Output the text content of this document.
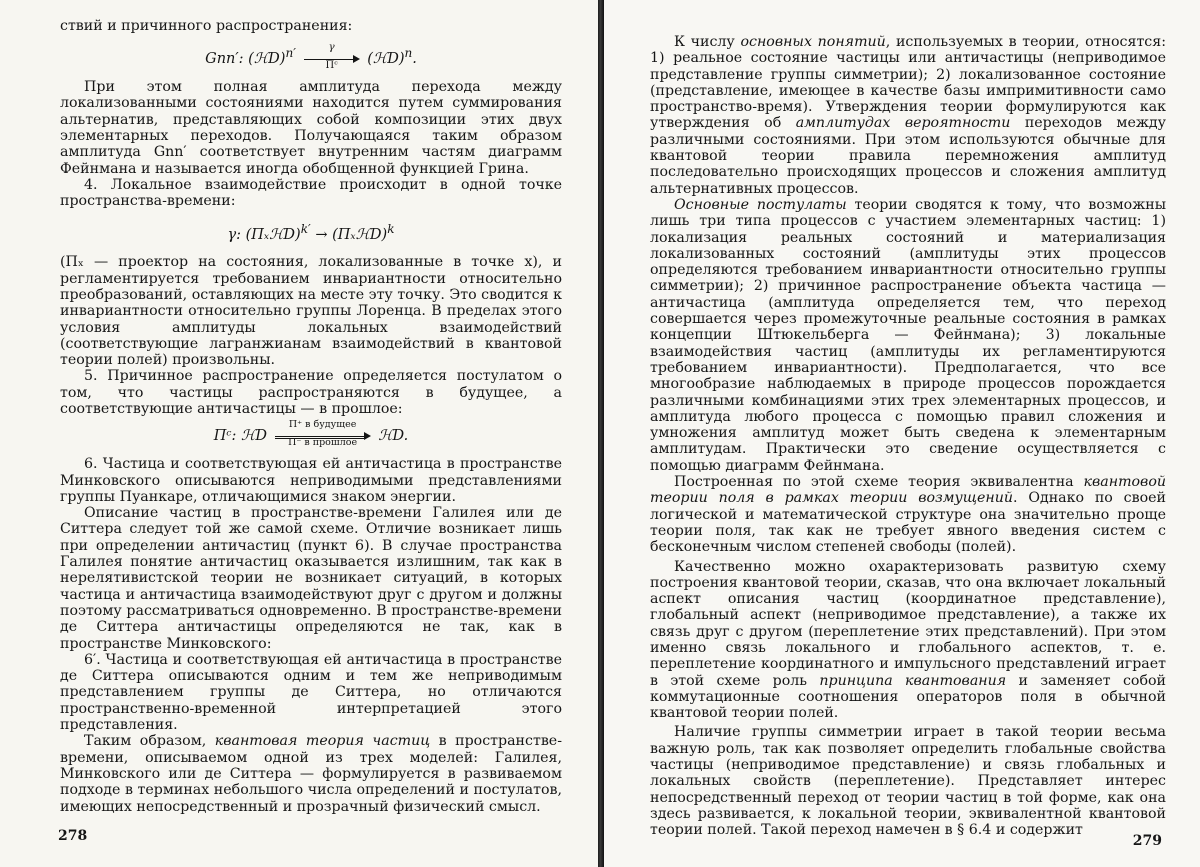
ствий и причинного распространения:

Gnn′: (ℋD)n′	γ
Πᶜ	(ℋD)n.

При этом полная амплитуда перехода между локализованными состояниями находится путем суммирования альтернатив, представляющих собой композиции этих двух элементарных переходов. Получающаяся таким образом амплитуда Gnn′ соответствует внутренним частям диаграмм Фейнмана и называется иногда обобщенной функцией Грина.

4. Локальное взаимодействие происходит в одной точке пространства-времени:

γ: (ΠₓℋD)k′ → (ΠₓℋD)k

(Πₓ — проектор на состояния, локализованные в точке x), и регламентируется требованием инвариантности относительно преобразований, оставляющих на месте эту точку. Это сводится к инвариантности относительно группы Лоренца. В пределах этого условия амплитуды локальных взаимодействий (соответствующие лагранжианам взаимодействий в квантовой теории полей) произвольны.

5. Причинное распространение определяется постулатом о том, что частицы распространяются в будущее, а соответствующие античастицы — в прошлое:

Πᶜ: ℋD
Π⁺ в будущее
Π⁻ в прошлое	ℋD.

6. Частица и соответствующая ей античастица в пространстве Минковского описываются неприводимыми представлениями группы Пуанкаре, отличающимися знаком энергии.

Описание частиц в пространстве-времени Галилея или де Ситтера следует той же самой схеме. Отличие возникает лишь при определении античастиц (пункт 6). В случае пространства Галилея понятие античастиц оказывается излишним, так как в нерелятивистской теории не возникает ситуаций, в которых частица и античастица взаимодействуют друг с другом и должны поэтому рассматриваться одновременно. В пространстве-времени де Ситтера античастицы определяются не так, как в пространстве Минковского:

6′. Частица и соответствующая ей античастица в пространстве де Ситтера описываются одним и тем же неприводимым представлением группы де Ситтера, но отличаются пространственно-временной интерпретацией этого представления.

Таким образом, квантовая теория частиц в пространстве-времени, описываемом одной из трех моделей: Галилея, Минковского или де Ситтера — формулируется в развиваемом подходе в терминах небольшого числа определений и постулатов, имеющих непосредственный и прозрачный физический смысл.

278

К числу основных понятий, используемых в теории, относятся: 1) реальное состояние частицы или античастицы (неприводимое представление группы симметрии); 2) локализованное состояние (представление, имеющее в качестве базы импримитивности само пространство-время). Утверждения теории формулируются как утверждения об амплитудах вероятности переходов между различными состояниями. При этом используются обычные для квантовой теории правила перемножения амплитуд последовательно происходящих процессов и сложения амплитуд альтернативных процессов.

Основные постулаты теории сводятся к тому, что возможны лишь три типа процессов с участием элементарных частиц: 1) локализация реальных состояний и материализация локализованных состояний (амплитуды этих процессов определяются требованием инвариантности относительно группы симметрии); 2) причинное распространение объекта частица — античастица (амплитуда определяется тем, что переход совершается через промежуточные реальные состояния в рамках концепции Штюкельберга — Фейнмана); 3) локальные взаимодействия частиц (амплитуды их регламентируются требованием инвариантности). Предполагается, что все многообразие наблюдаемых в природе процессов порождается различными комбинациями этих трех элементарных процессов, и амплитуда любого процесса с помощью правил сложения и умножения амплитуд может быть сведена к элементарным амплитудам. Практически это сведение осуществляется с помощью диаграмм Фейнмана.

Построенная по этой схеме теория эквивалентна квантовой теории поля в рамках теории возмущений. Однако по своей логической и математической структуре она значительно проще теории поля, так как не требует явного введения систем с бесконечным числом степеней свободы (полей).

Качественно можно охарактеризовать развитую схему построения квантовой теории, сказав, что она включает локальный аспект описания частиц (координатное представление), глобальный аспект (неприводимое представление), а также их связь друг с другом (переплетение этих представлений). При этом именно связь локального и глобального аспектов, т. е. переплетение координатного и импульсного представлений играет в этой схеме роль принципа квантования и заменяет собой коммутационные соотношения операторов поля в обычной квантовой теории полей.

Наличие группы симметрии играет в такой теории весьма важную роль, так как позволяет определить глобальные свойства частицы (неприводимое представление) и связь глобальных и локальных свойств (переплетение). Представляет интерес непосредственный переход от теории частиц в той форме, как она здесь развивается, к локальной теории, эквивалентной квантовой теории полей. Такой переход намечен в § 6.4 и содержит

279
